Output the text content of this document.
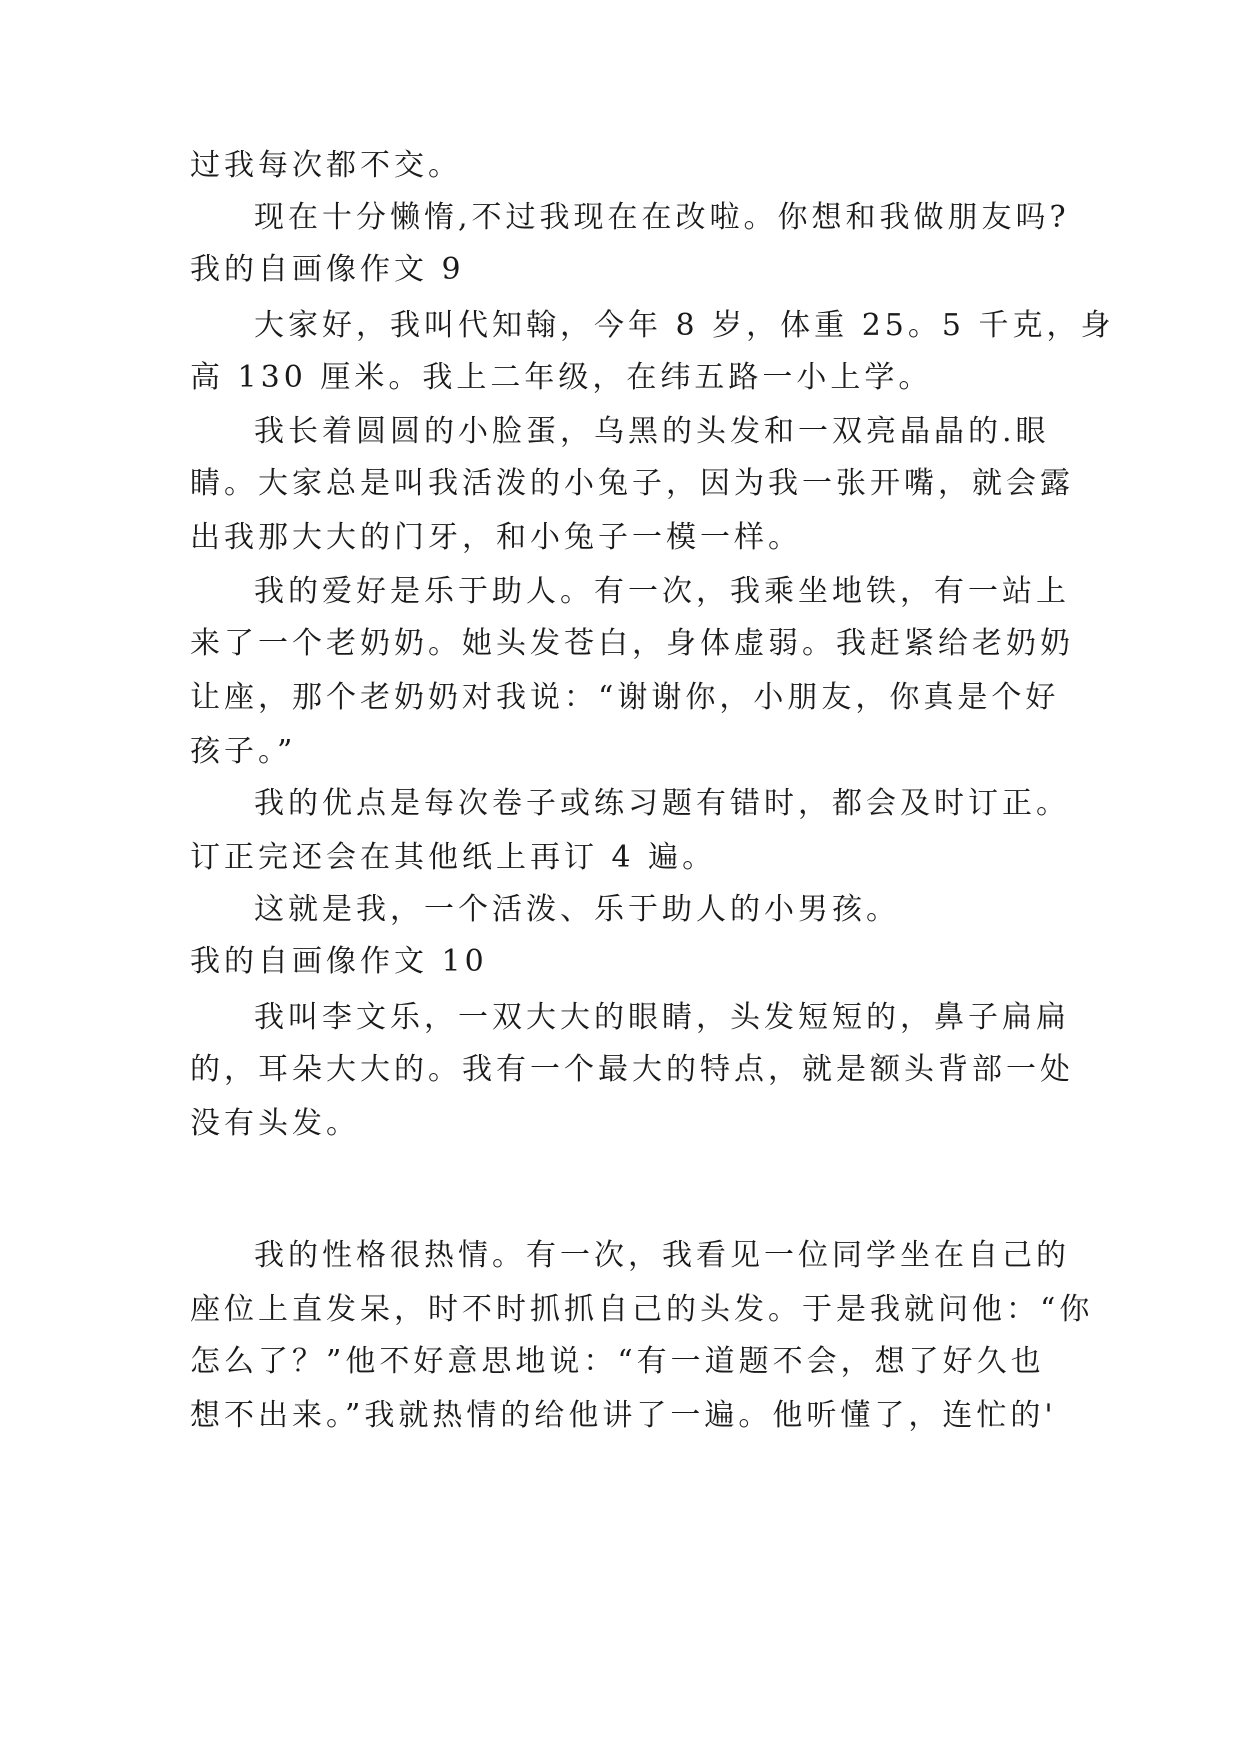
过我每次都不交。
现在十分懒惰,不过我现在在改啦。你想和我做朋友吗?
我的自画像作文 9
大家好，我叫代知翰，今年 8 岁，体重 25。5 千克，身
高 130 厘米。我上二年级，在纬五路一小上学。
我长着圆圆的小脸蛋，乌黑的头发和一双亮晶晶的.眼
睛。大家总是叫我活泼的小兔子，因为我一张开嘴，就会露
出我那大大的门牙，和小兔子一模一样。
我的爱好是乐于助人。有一次，我乘坐地铁，有一站上
来了一个老奶奶。她头发苍白，身体虚弱。我赶紧给老奶奶
让座，那个老奶奶对我说：“谢谢你，小朋友，你真是个好
孩子。”
我的优点是每次卷子或练习题有错时，都会及时订正。
订正完还会在其他纸上再订 4 遍。
这就是我，一个活泼、乐于助人的小男孩。
我的自画像作文 10
我叫李文乐，一双大大的眼睛，头发短短的，鼻子扁扁
的，耳朵大大的。我有一个最大的特点，就是额头背部一处
没有头发。
我的性格很热情。有一次，我看见一位同学坐在自己的
座位上直发呆，时不时抓抓自己的头发。于是我就问他：“你
怎么了？”他不好意思地说：“有一道题不会，想了好久也
想不出来。”我就热情的给他讲了一遍。他听懂了，连忙的'
